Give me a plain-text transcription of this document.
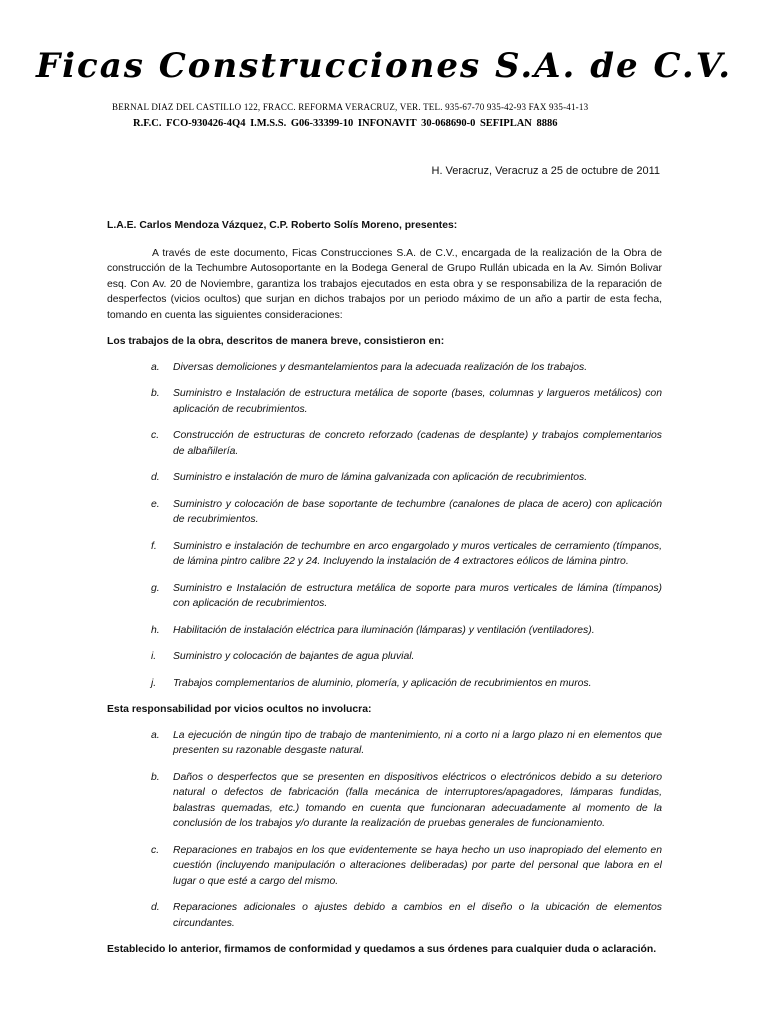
Ficas Construcciones S.A. de C.V.
BERNAL DIAZ DEL CASTILLO 122, FRACC. REFORMA VERACRUZ, VER. TEL. 935-67-70 935-42-93 FAX 935-41-13
R.F.C. FCO-930426-4Q4 I.M.S.S. G06-33399-10 INFONAVIT 30-068690-0 SEFIPLAN 8886
H. Veracruz, Veracruz a 25 de octubre de 2011

L.A.E. Carlos Mendoza Vázquez, C.P. Roberto Solís Moreno, presentes:

A través de este documento, Ficas Construcciones S.A. de C.V., encargada de la realización de la Obra de construcción de la Techumbre Autosoportante en la Bodega General de Grupo Rullán ubicada en la Av. Simón Bolivar esq. Con Av. 20 de Noviembre, garantiza los trabajos ejecutados en esta obra y se responsabiliza de la reparación de desperfectos (vicios ocultos) que surjan en dichos trabajos por un periodo máximo de un año a partir de esta fecha, tomando en cuenta las siguientes consideraciones:

Los trabajos de la obra, descritos de manera breve, consistieron en:

a.	Diversas demoliciones y desmantelamientos para la adecuada realización de los trabajos.
b.	Suministro e Instalación de estructura metálica de soporte (bases, columnas y largueros metálicos) con aplicación de recubrimientos.
c.	Construcción de estructuras de concreto reforzado (cadenas de desplante) y trabajos complementarios de albañilería.
d.	Suministro e instalación de muro de lámina galvanizada con aplicación de recubrimientos.
e.	Suministro y colocación de base soportante de techumbre (canalones de placa de acero) con aplicación de recubrimientos.
f.	Suministro e instalación de techumbre en arco engargolado y muros verticales de cerramiento (tímpanos, de lámina pintro calibre 22 y 24. Incluyendo la instalación de 4 extractores eólicos de lámina pintro.
g.	Suministro e Instalación de estructura metálica de soporte para muros verticales de lámina (tímpanos) con aplicación de recubrimientos.
h.	Habilitación de instalación eléctrica para iluminación (lámparas) y ventilación (ventiladores).
i.	Suministro y colocación de bajantes de agua pluvial.
j.	Trabajos complementarios de aluminio, plomería, y aplicación de recubrimientos en muros.

Esta responsabilidad por vicios ocultos no involucra:

a.	La ejecución de ningún tipo de trabajo de mantenimiento, ni a corto ni a largo plazo ni en elementos que presenten su razonable desgaste natural.
b.	Daños o desperfectos que se presenten en dispositivos eléctricos o electrónicos debido a su deterioro natural o defectos de fabricación (falla mecánica de interruptores/apagadores, lámparas fundidas, balastras quemadas, etc.) tomando en cuenta que funcionaran adecuadamente al momento de la conclusión de los trabajos y/o durante la realización de pruebas generales de funcionamiento.
c.	Reparaciones en trabajos en los que evidentemente se haya hecho un uso inapropiado del elemento en cuestión (incluyendo manipulación o alteraciones deliberadas) por parte del personal que labora en el lugar o que esté a cargo del mismo.
d.	Reparaciones adicionales o ajustes debido a cambios en el diseño o la ubicación de elementos circundantes.

Establecido lo anterior, firmamos de conformidad y quedamos a sus órdenes para cualquier duda o aclaración.
